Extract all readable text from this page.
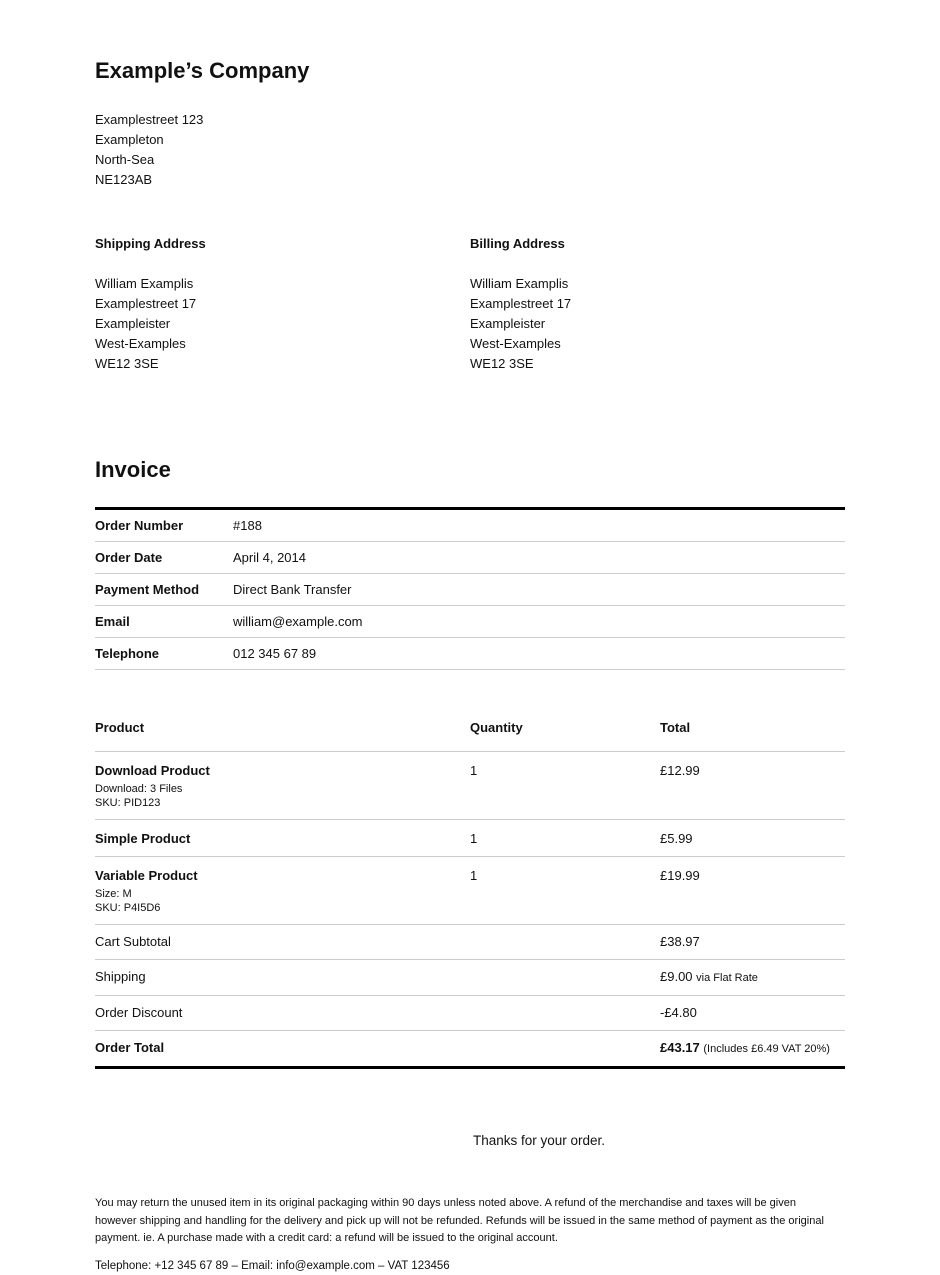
Example’s Company
Examplestreet 123
Exampleton
North-Sea
NE123AB
Shipping Address
William Examplis
Examplestreet 17
Exampleister
West-Examples
WE12 3SE
Billing Address
William Examplis
Examplestreet 17
Exampleister
West-Examples
WE12 3SE
Invoice
Order Number	#188
Order Date	April 4, 2014
Payment Method	Direct Bank Transfer
Email	william@example.com
Telephone	012 345 67 89
Product	Quantity	Total
Download Product
Download: 3 Files
SKU: PID123	1	£12.99
Simple Product	1	£5.99
Variable Product
Size: M
SKU: P4I5D6	1	£19.99
Cart Subtotal		£38.97
Shipping		£9.00 via Flat Rate
Order Discount		-£4.80
Order Total		£43.17 (Includes £6.49 VAT 20%)

Thanks for your order.

You may return the unused item in its original packaging within 90 days unless noted above. A refund of the merchandise and taxes will be given however shipping and handling for the delivery and pick up will not be refunded. Refunds will be issued in the same method of payment as the original payment. ie. A purchase made with a credit card: a refund will be issued to the original account.

Telephone: +12 345 67 89 – Email: info@example.com – VAT 123456
